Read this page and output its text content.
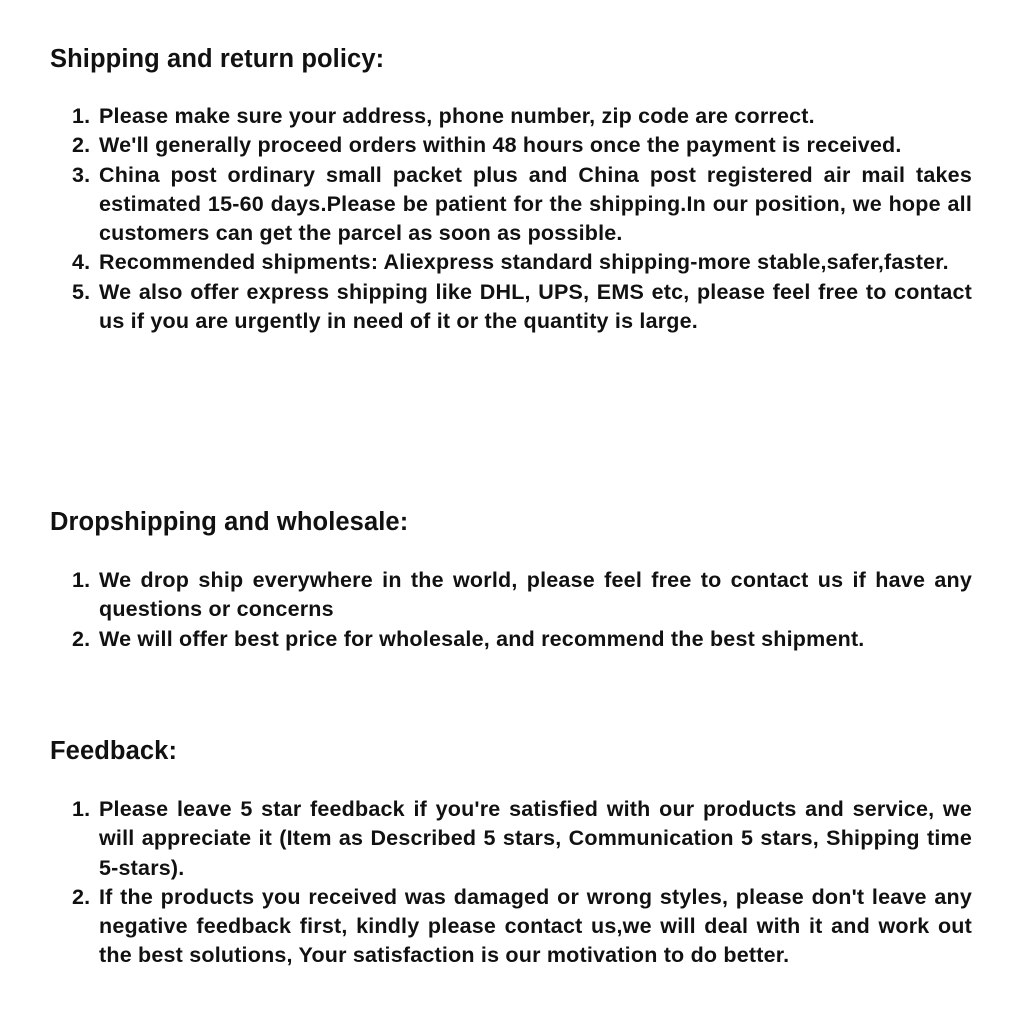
Shipping and return policy:
1. Please make sure your address, phone number, zip code are correct.
2. We'll generally proceed orders within 48 hours once the payment is received.
3. China post ordinary small packet plus and China post registered air mail takes estimated 15-60 days.Please be patient for the shipping.In our position, we hope all customers can get the parcel as soon as possible.
4. Recommended shipments: Aliexpress standard shipping-more stable,safer,faster.
5. We also offer express shipping like DHL, UPS, EMS etc, please feel free to contact us if you are urgently in need of it or the quantity is large.
Dropshipping and wholesale:
1. We drop ship everywhere in the world, please feel free to contact us if have any questions or concerns
2. We will offer best price for wholesale, and recommend the best shipment.
Feedback:
1. Please leave 5 star feedback if you're satisfied with our products and service, we will appreciate it (Item as Described 5 stars, Communication 5 stars, Shipping time 5-stars).
2. If the products you received was damaged or wrong styles, please don't leave any negative feedback first, kindly please contact us,we will deal with it and work out the best solutions, Your satisfaction is our motivation to do better.
